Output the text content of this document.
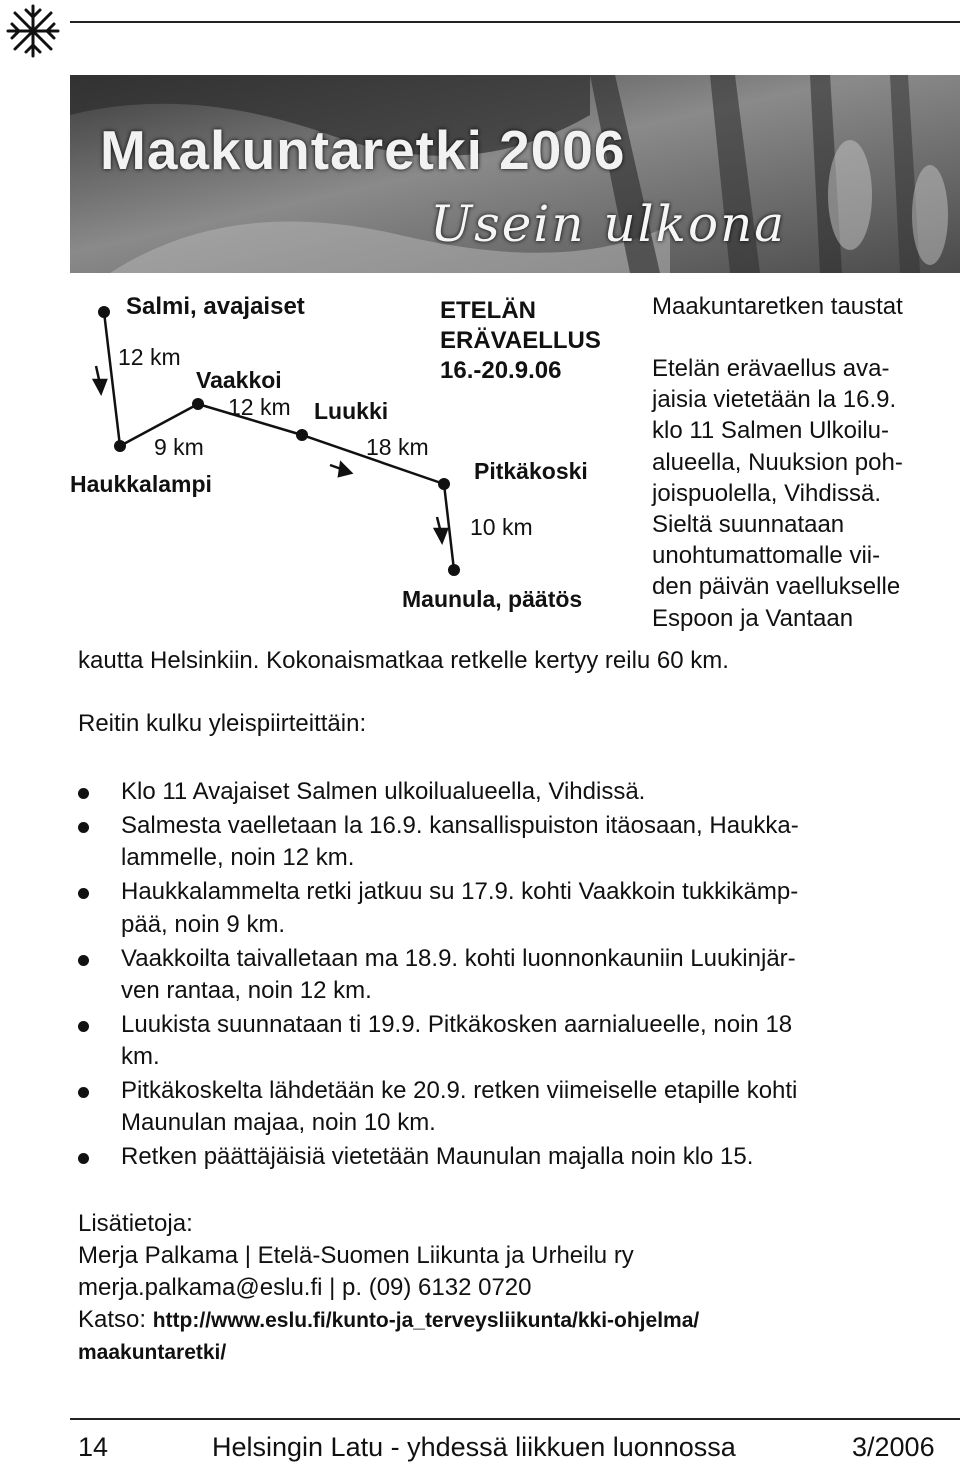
Maakuntaretki 2006
Usein ulkona
Salmi, avajaiset
12 km
Vaakkoi
12 km Luukki
9 km	18 km
Haukkalampi	Pitkäkoski
10 km
Maunula, päätös
ETELÄN
ERÄVAELLUS
16.-20.9.06
Maakuntaretken taustat

Etelän erävaellus ava-

jaisia vietetään la 16.9.

klo 11 Salmen Ulkoilu-

alueella, Nuuksion poh-

joispuolella, Vihdissä.

Sieltä suunnataan

unohtumattomalle vii-

den päivän vaellukselle

Espoon ja Vantaan

kautta Helsinkiin. Kokonaismatkaa retkelle kertyy reilu 60 km.
Reitin kulku yleispiirteittäin:
Klo 11 Avajaiset Salmen ulkoilualueella, Vihdissä.
Salmesta vaelletaan la 16.9. kansallispuiston itäosaan, Haukka-
lammelle, noin 12 km.
Haukkalammelta retki jatkuu su 17.9. kohti Vaakkoin tukkikämp-
pää, noin 9 km.
Vaakkoilta taivalletaan ma 18.9. kohti luonnonkauniin Luukinjär-
ven rantaa, noin 12 km.
Luukista suunnataan ti 19.9. Pitkäkosken aarnialueelle, noin 18
km.
Pitkäkoskelta lähdetään ke 20.9. retken viimeiselle etapille kohti
Maunulan majaa, noin 10 km.
Retken päättäjäisiä vietetään Maunulan majalla noin klo 15.
Lisätietoja:
Merja Palkama | Etelä-Suomen Liikunta ja Urheilu ry
merja.palkama@eslu.fi | p. (09) 6132 0720
Katso: http://www.eslu.fi/kunto-ja_terveysliikunta/kki-ohjelma/
maakuntaretki/
14	Helsingin Latu - yhdessä liikkuen luonnossa	3/2006
